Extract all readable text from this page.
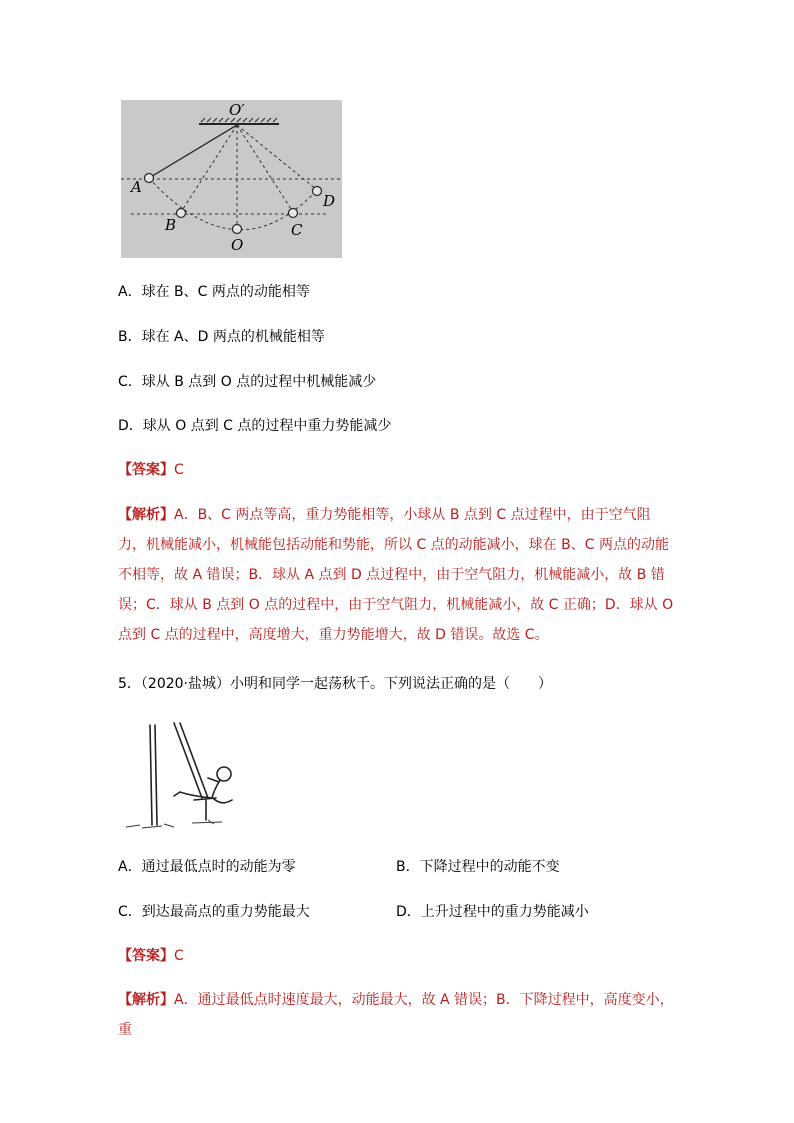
O′
A
B
O
C
D
A．球在 B、C 两点的动能相等
B．球在 A、D 两点的机械能相等
C．球从 B 点到 O 点的过程中机械能减少
D．球从 O 点到 C 点的过程中重力势能减少
【答案】C
【解析】A．B、C 两点等高，重力势能相等，小球从 B 点到 C 点过程中，由于空气阻力，机械能减小，机械能包括动能和势能，所以 C 点的动能减小，球在 B、C 两点的动能不相等，故 A 错误；B．球从 A 点到 D 点过程中，由于空气阻力，机械能减小，故 B 错误；C．球从 B 点到 O 点的过程中，由于空气阻力，机械能减小，故 C 正确；D．球从 O 点到 C 点的过程中，高度增大，重力势能增大，故 D 错误。故选 C。
5．（2020·盐城）小明和同学一起荡秋千。下列说法正确的是（　　）
A．通过最低点时的动能为零	B．下降过程中的动能不变
C．到达最高点的重力势能最大	D．上升过程中的重力势能减小
【答案】C
【解析】A．通过最低点时速度最大，动能最大，故 A 错误；B．下降过程中，高度变小，重
